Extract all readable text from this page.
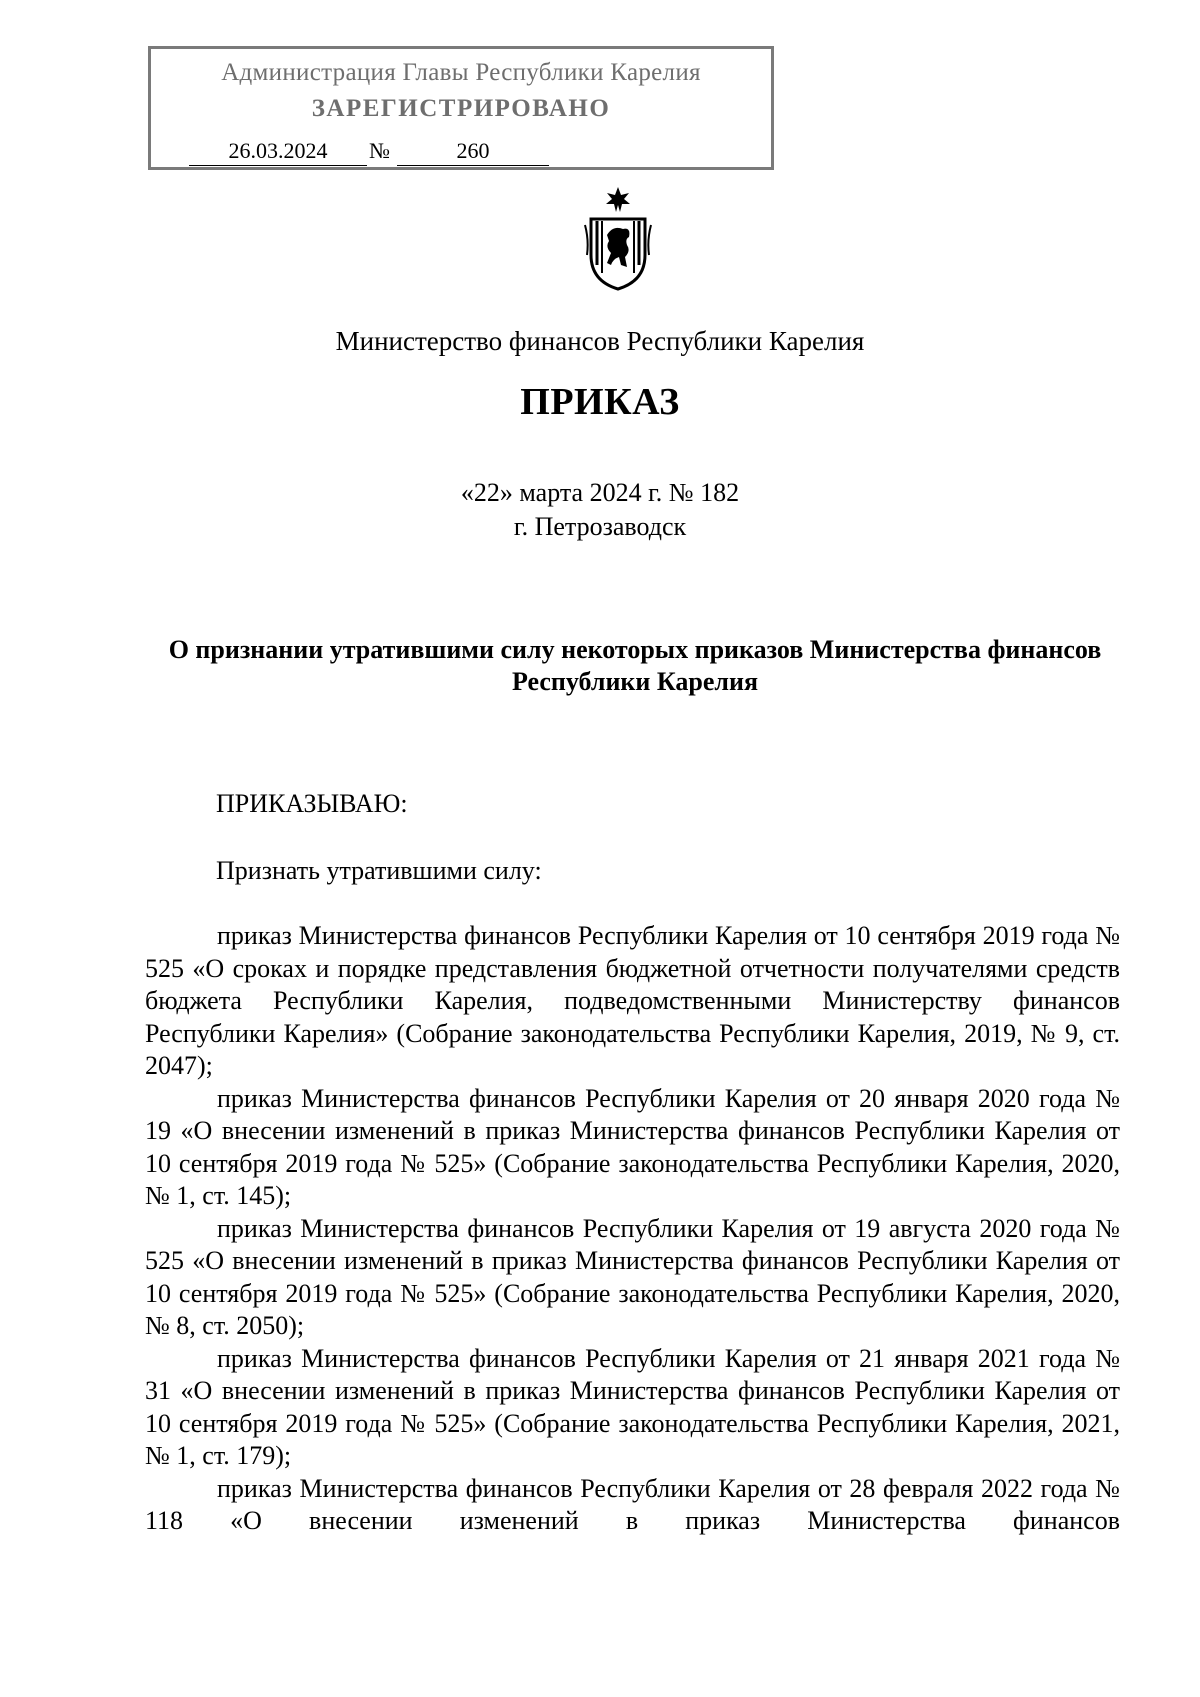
Администрация Главы Республики Карелия
ЗАРЕГИСТРИРОВАНО
26.03.2024	№	260
Министерство финансов Республики Карелия
ПРИКАЗ
«22» марта 2024 г. № 182
г. Петрозаводск
О признании утратившими силу некоторых приказов Министерства финансов Республики Карелия
ПРИКАЗЫВАЮ:
Признать утратившими силу:

приказ Министерства финансов Республики Карелия от 10 сентября 2019 года № 525 «О сроках и порядке представления бюджетной отчетности получателями средств бюджета Республики Карелия, подведомственными Министерству финансов Республики Карелия» (Собрание законодательства Республики Карелия, 2019, № 9, ст. 2047);

приказ Министерства финансов Республики Карелия от 20 января 2020 года № 19 «О внесении изменений в приказ Министерства финансов Республики Карелия от 10 сентября 2019 года № 525» (Собрание законодательства Республики Карелия, 2020, № 1, ст. 145);

приказ Министерства финансов Республики Карелия от 19 августа 2020 года № 525 «О внесении изменений в приказ Министерства финансов Республики Карелия от 10 сентября 2019 года № 525» (Собрание законодательства Республики Карелия, 2020, № 8, ст. 2050);

приказ Министерства финансов Республики Карелия от 21 января 2021 года № 31 «О внесении изменений в приказ Министерства финансов Республики Карелия от 10 сентября 2019 года № 525» (Собрание законодательства Республики Карелия, 2021, № 1, ст. 179);

приказ Министерства финансов Республики Карелия от 28 февраля 2022 года № 118 «О внесении изменений в приказ Министерства финансов
